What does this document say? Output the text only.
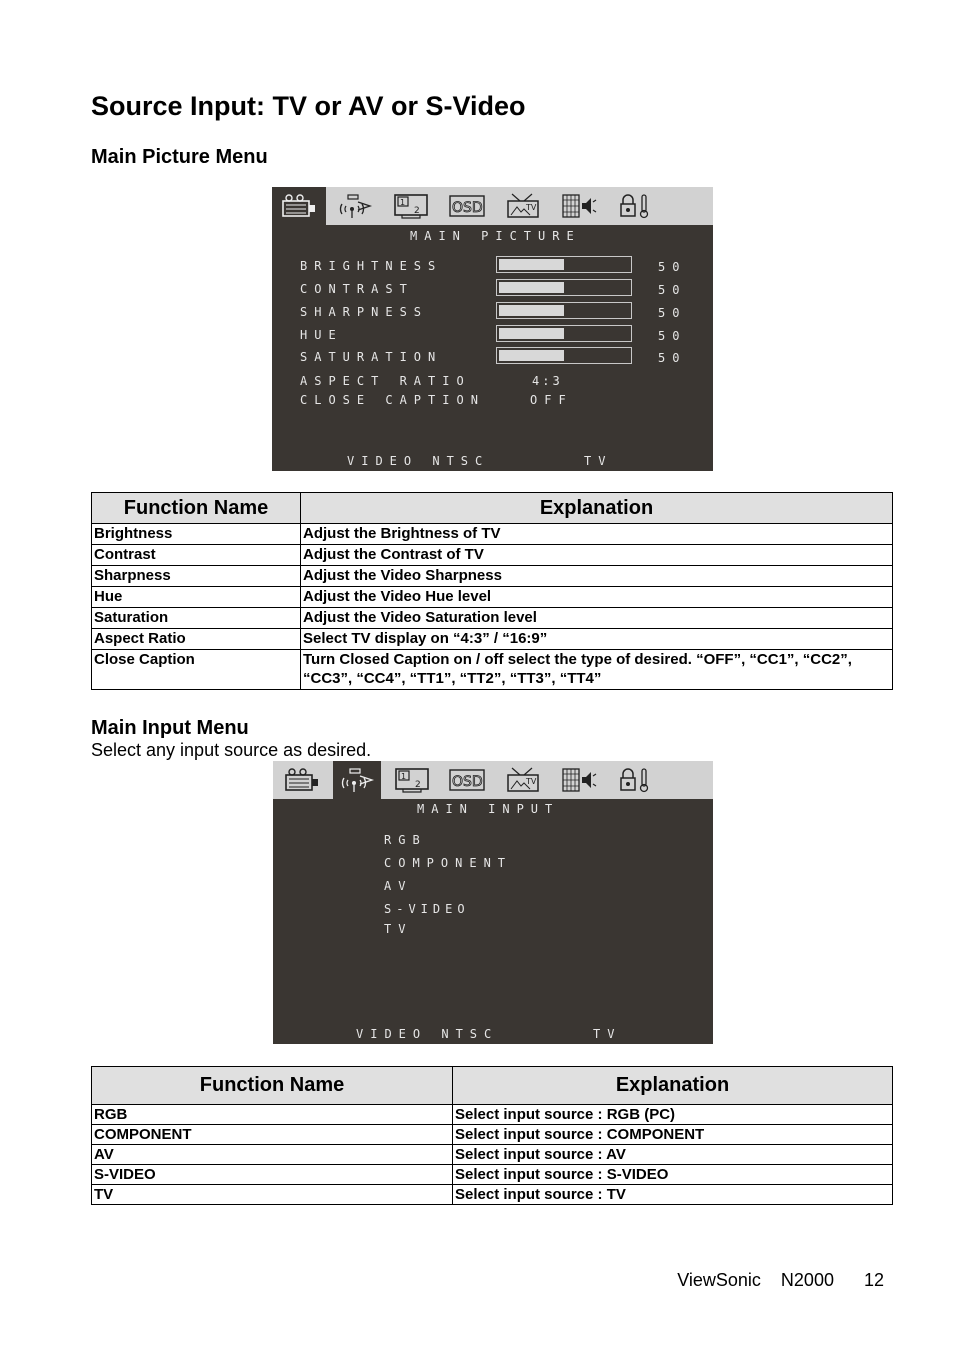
Source Input: TV or AV or S-Video
Main Picture Menu
1
2 OSD	TV
MAIN PICTURE
BRIGHTNESS	50
CONTRAST	50
SHARPNESS	50
HUE	50
SATURATION	50
ASPECT RATIO	4:3
CLOSE CAPTION	OFF
VIDEO NTSC	TV
Function Name	Explanation
Brightness	Adjust the Brightness of TV
Contrast	Adjust the Contrast of TV
Sharpness	Adjust the Video Sharpness
Hue	Adjust the Video Hue level
Saturation	Adjust the Video Saturation level
Aspect Ratio	Select TV display on “4:3” / “16:9”
Close Caption	Turn Closed Caption on / off select the type of desired. “OFF”, “CC1”, “CC2”, “CC3”, “CC4”, “TT1”, “TT2”, “TT3”, “TT4”
Main Input Menu

Select any input source as desired.

1
2 OSD	TV
MAIN INPUT
RGB
COMPONENT
AV
S-VIDEO
TV
VIDEO NTSC	TV
Function Name	Explanation
RGB	Select input source : RGB (PC)
COMPONENT	Select input source : COMPONENT
AV	Select input source : AV
S-VIDEO	Select input source : S-VIDEO
TV	Select input source : TV
ViewSonic    N2000      12
